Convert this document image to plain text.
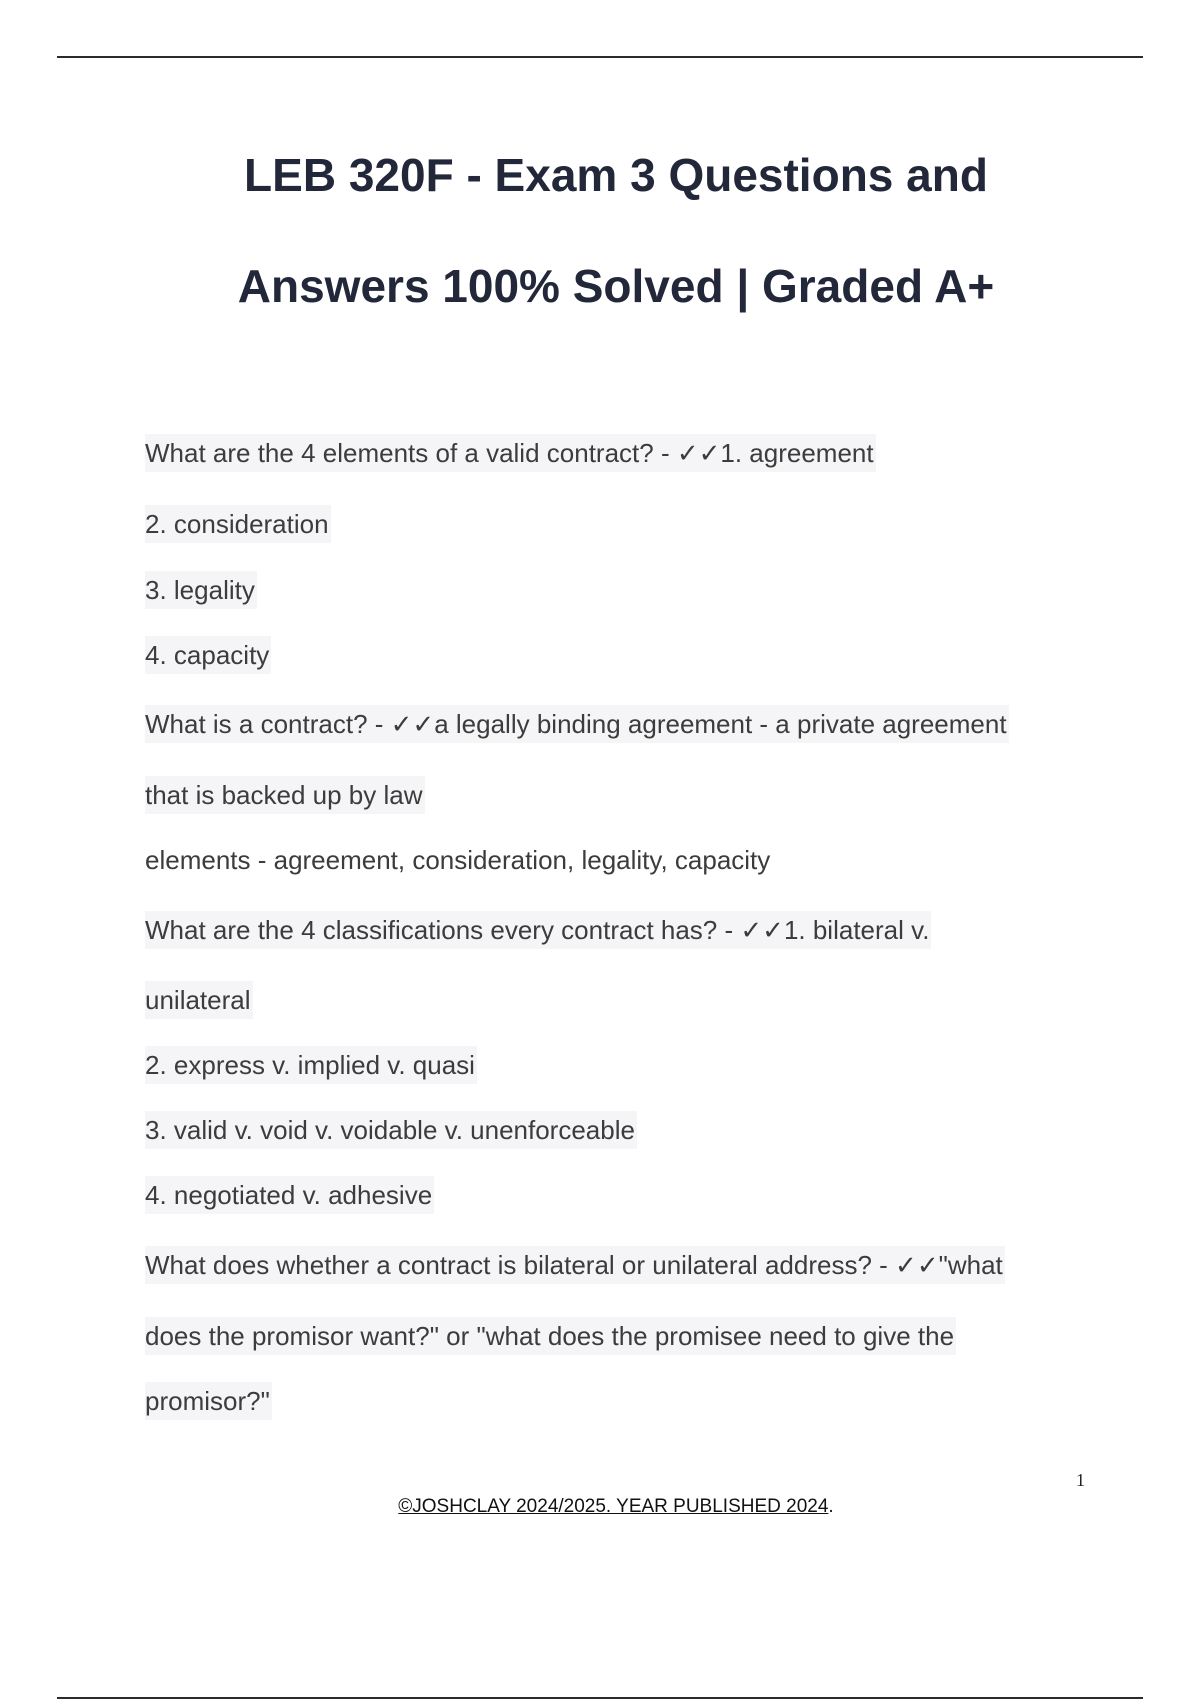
LEB 320F - Exam 3 Questions and
Answers 100% Solved | Graded A+
What are the 4 elements of a valid contract? - ✓✓1. agreement
2. consideration
3. legality
4. capacity
What is a contract? - ✓✓a legally binding agreement - a private agreement
that is backed up by law
elements - agreement, consideration, legality, capacity
What are the 4 classifications every contract has? - ✓✓1. bilateral v.
unilateral
2. express v. implied v. quasi
3. valid v. void v. voidable v. unenforceable
4. negotiated v. adhesive
What does whether a contract is bilateral or unilateral address? - ✓✓"what
does the promisor want?" or "what does the promisee need to give the
promisor?"
1
©JOSHCLAY 2024/2025. YEAR PUBLISHED 2024.
